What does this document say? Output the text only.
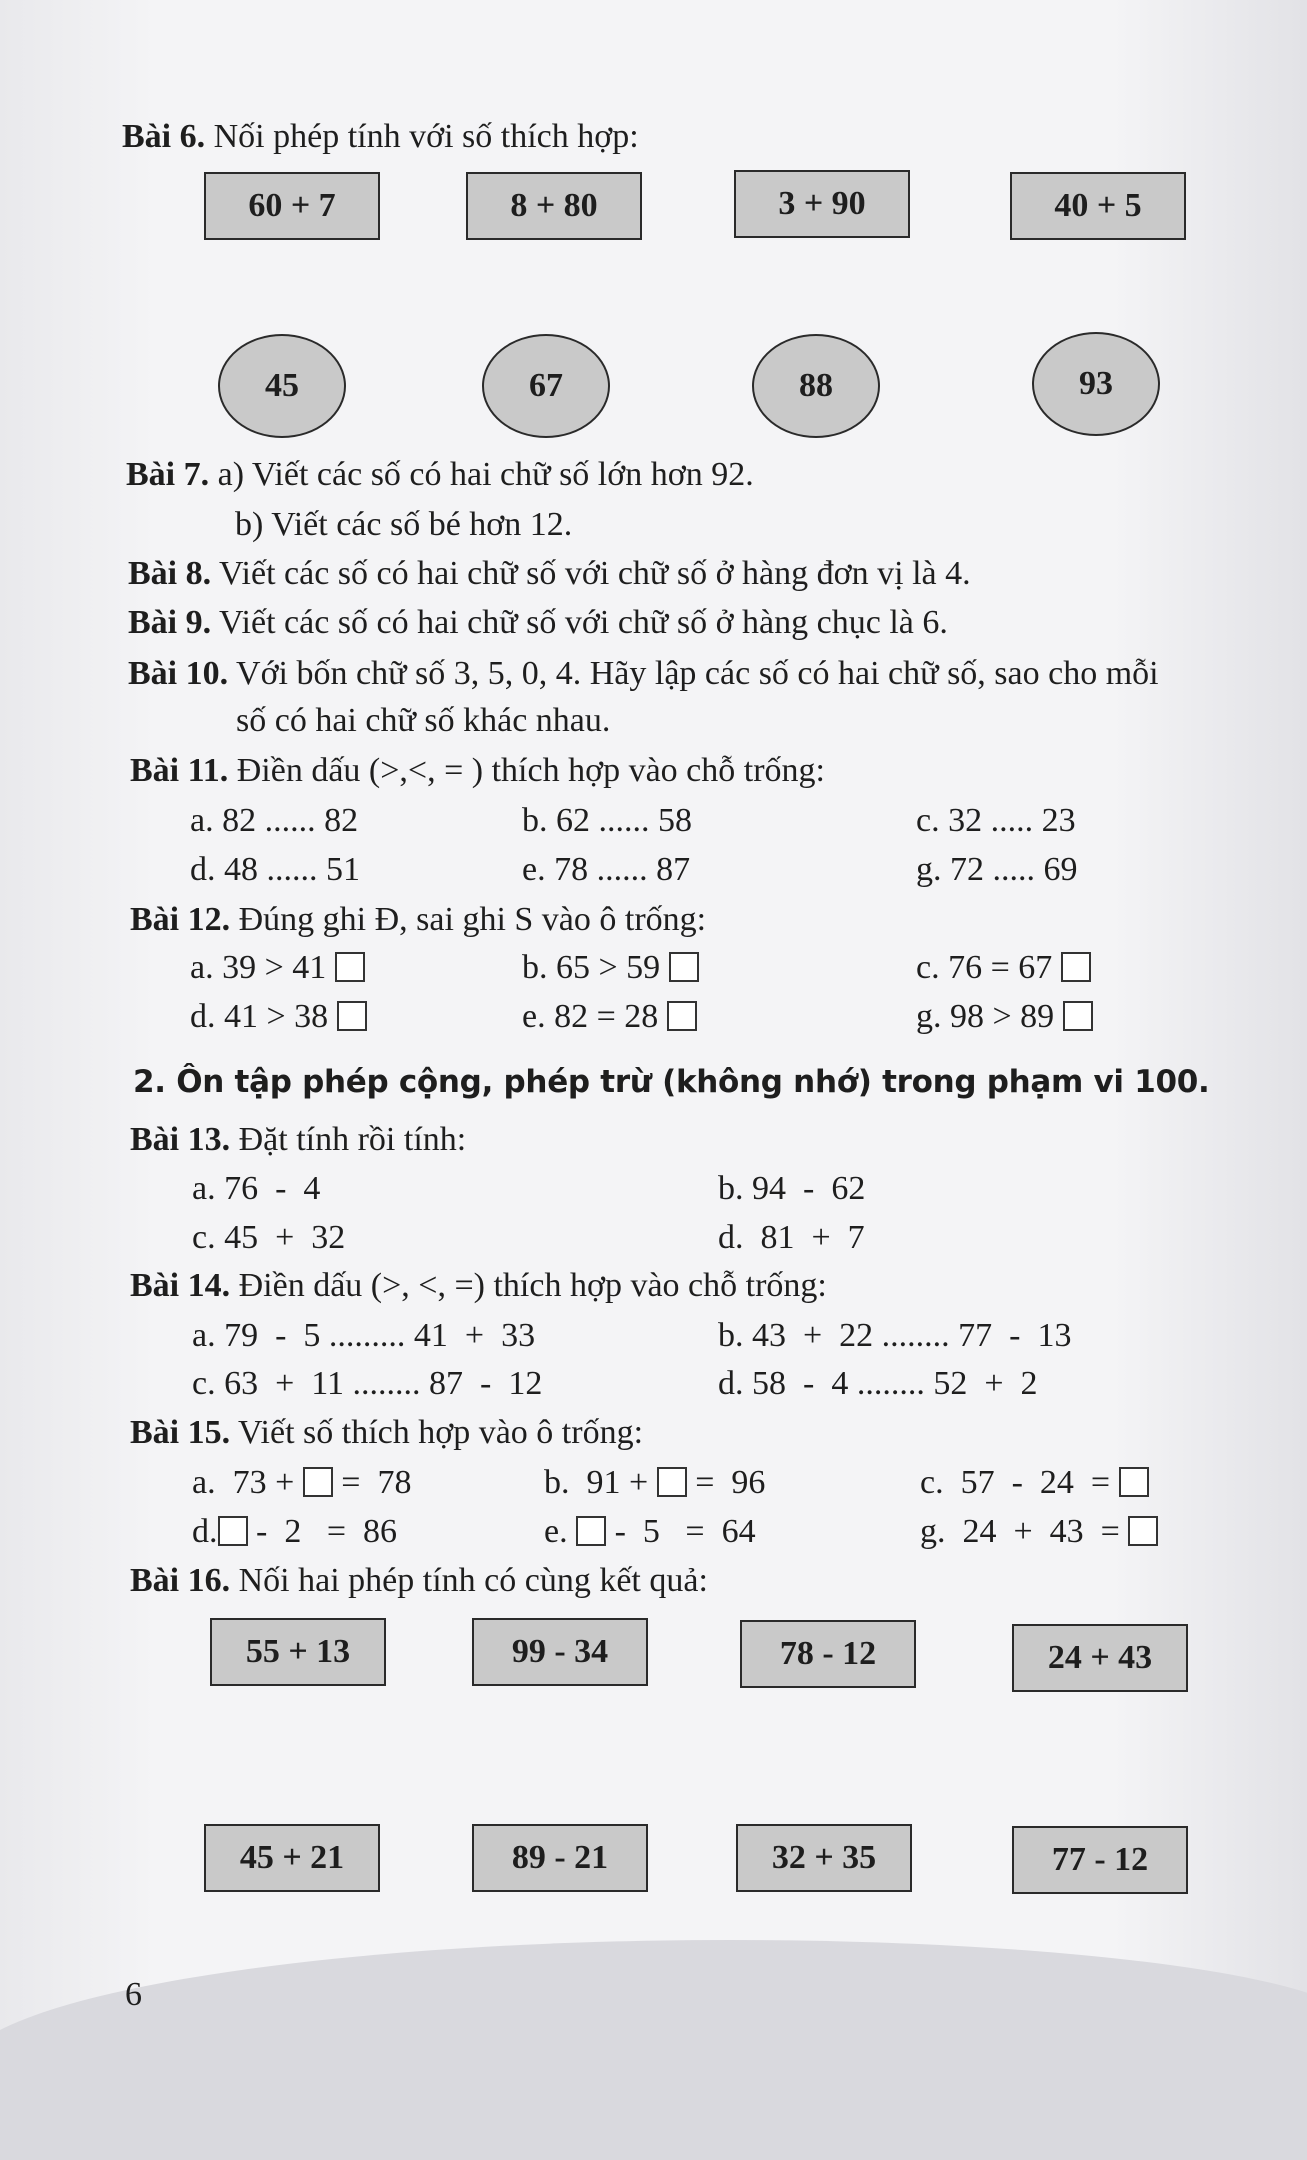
Bài 6. Nối phép tính với số thích hợp:
60 + 7	8 + 80	3 + 90	40 + 5
45	67	88	93
Bài 7. a) Viết các số có hai chữ số lớn hơn 92.
b) Viết các số bé hơn 12.
Bài 8. Viết các số có hai chữ số với chữ số ở hàng đơn vị là 4.
Bài 9. Viết các số có hai chữ số với chữ số ở hàng chục là 6.
Bài 10. Với bốn chữ số 3, 5, 0, 4. Hãy lập các số có hai chữ số, sao cho mỗi
số có hai chữ số khác nhau.
Bài 11. Điền dấu (>,<, = ) thích hợp vào chỗ trống:
a. 82 ...... 82	b. 62 ...... 58	c. 32 ..... 23
d. 48 ...... 51	e. 78 ...... 87	g. 72 ..... 69
Bài 12. Đúng ghi Đ, sai ghi S vào ô trống:
a. 39 > 41	b. 65 > 59	c. 76 = 67
d. 41 > 38	e. 82 = 28	g. 98 > 89
2. Ôn tập phép cộng, phép trừ (không nhớ) trong phạm vi 100.
Bài 13. Đặt tính rồi tính:
a. 76  -  4	b. 94  -  62
c. 45  +  32	d.  81  +  7
Bài 14. Điền dấu (>, <, =) thích hợp vào chỗ trống:
a. 79  -  5 ......... 41  +  33	b. 43  +  22 ........ 77  -  13
c. 63  +  11 ........ 87  -  12	d. 58  -  4 ........ 52  +  2
Bài 15. Viết số thích hợp vào ô trống:
a.  73 + =  78	b.  91 + =  96	c.  57  -  24  =
d. -  2   =  86	e. -  5   =  64	g.  24  +  43  =
Bài 16. Nối hai phép tính có cùng kết quả:
55 + 13	99 - 34	78 - 12	24 + 43
45 + 21	89 - 21	32 + 35	77 - 12
6
